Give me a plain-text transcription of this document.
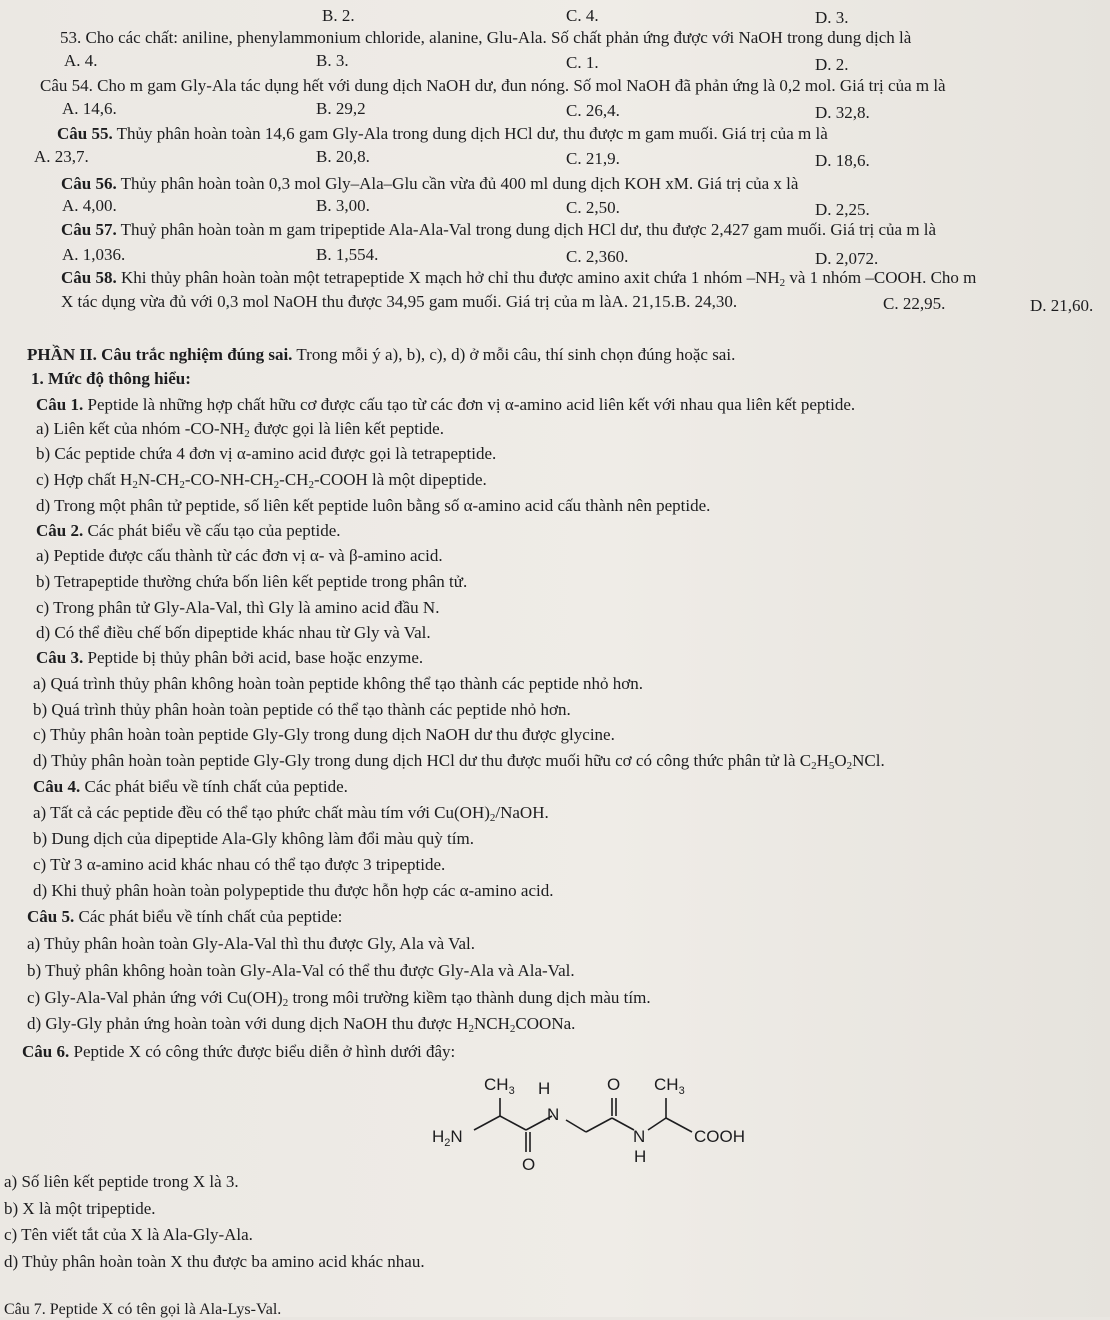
B. 2.	C. 4.	D. 3.
53. Cho các chất: aniline, phenylammonium chloride, alanine, Glu-Ala. Số chất phản ứng được với NaOH trong dung dịch là
A. 4.	B. 3.	C. 1.	D. 2.
Câu 54. Cho m gam Gly-Ala tác dụng hết với dung dịch NaOH dư, đun nóng. Số mol NaOH đã phản ứng là 0,2 mol. Giá trị của m là
A. 14,6.	B. 29,2	C. 26,4.	D. 32,8.
Câu 55. Thủy phân hoàn toàn 14,6 gam Gly-Ala trong dung dịch HCl dư, thu được m gam muối. Giá trị của m là
A. 23,7.	B. 20,8.	C. 21,9.	D. 18,6.
Câu 56. Thủy phân hoàn toàn 0,3 mol Gly–Ala–Glu cần vừa đủ 400 ml dung dịch KOH xM. Giá trị của x là
A. 4,00.	B. 3,00.	C. 2,50.	D. 2,25.
Câu 57. Thuỷ phân hoàn toàn m gam tripeptide Ala-Ala-Val trong dung dịch HCl dư, thu được 2,427 gam muối. Giá trị của m là
A. 1,036.	B. 1,554.	C. 2,360.	D. 2,072.
Câu 58. Khi thủy phân hoàn toàn một tetrapeptide X mạch hở chỉ thu được amino axit chứa 1 nhóm $-NH_2$ và 1 nhóm –COOH. Cho m
X tác dụng vừa đủ với 0,3 mol NaOH thu được 34,95 gam muối. Giá trị của m làA. 21,15.B. 24,30.	C. 22,95.	D. 21,60.
PHẦN II. Câu trắc nghiệm đúng sai. Trong mỗi ý a), b), c), d) ở mỗi câu, thí sinh chọn đúng hoặc sai.
1. Mức độ thông hiểu:
Câu 1. Peptide là những hợp chất hữu cơ được cấu tạo từ các đơn vị α-amino acid liên kết với nhau qua liên kết peptide.
a) Liên kết của nhóm $-CO-NH_2$ được gọi là liên kết peptide.
b) Các peptide chứa 4 đơn vị α-amino acid được gọi là tetrapeptide.
c) Hợp chất $H_2N-CH_2-CO-NH-CH_2-CH_2$-COOH là một dipeptide.
d) Trong một phân tử peptide, số liên kết peptide luôn bằng số α-amino acid cấu thành nên peptide.
Câu 2. Các phát biểu về cấu tạo của peptide.
a) Peptide được cấu thành từ các đơn vị α- và β-amino acid.
b) Tetrapeptide thường chứa bốn liên kết peptide trong phân tử.
c) Trong phân tử Gly-Ala-Val, thì Gly là amino acid đầu N.
d) Có thể điều chế bốn dipeptide khác nhau từ Gly và Val.
Câu 3. Peptide bị thủy phân bởi acid, base hoặc enzyme.
a) Quá trình thủy phân không hoàn toàn peptide không thể tạo thành các peptide nhỏ hơn.
b) Quá trình thủy phân hoàn toàn peptide có thể tạo thành các peptide nhỏ hơn.
c) Thủy phân hoàn toàn peptide Gly-Gly trong dung dịch NaOH dư thu được glycine.
d) Thủy phân hoàn toàn peptide Gly-Gly trong dung dịch HCl dư thu được muối hữu cơ có công thức phân tử là $C_2H_5O_2NCl$.
Câu 4. Các phát biểu về tính chất của peptide.
a) Tất cả các peptide đều có thể tạo phức chất màu tím với $Cu(OH)_2$/NaOH.
b) Dung dịch của dipeptide Ala-Gly không làm đổi màu quỳ tím.
c) Từ 3 α-amino acid khác nhau có thể tạo được 3 tripeptide.
d) Khi thuỷ phân hoàn toàn polypeptide thu được hỗn hợp các α-amino acid.
Câu 5. Các phát biểu về tính chất của peptide:
a) Thủy phân hoàn toàn Gly-Ala-Val thì thu được Gly, Ala và Val.
b) Thuỷ phân không hoàn toàn Gly-Ala-Val có thể thu được Gly-Ala và Ala-Val.
c) Gly-Ala-Val phản ứng với $Cu(OH)_2$ trong môi trường kiềm tạo thành dung dịch màu tím.
d) Gly-Gly phản ứng hoàn toàn với dung dịch NaOH thu được $H_2NCH_2COONa$.
Câu 6. Peptide X có công thức được biểu diễn ở hình dưới đây:
$CH_3$ H
N
O $CH_3$
$H_2N$
O
N
H
COOH
a) Số liên kết peptide trong X là 3.
b) X là một tripeptide.
c) Tên viết tắt của X là Ala-Gly-Ala.
d) Thủy phân hoàn toàn X thu được ba amino acid khác nhau.
Câu 7. Peptide X có tên gọi là Ala-Lys-Val.
